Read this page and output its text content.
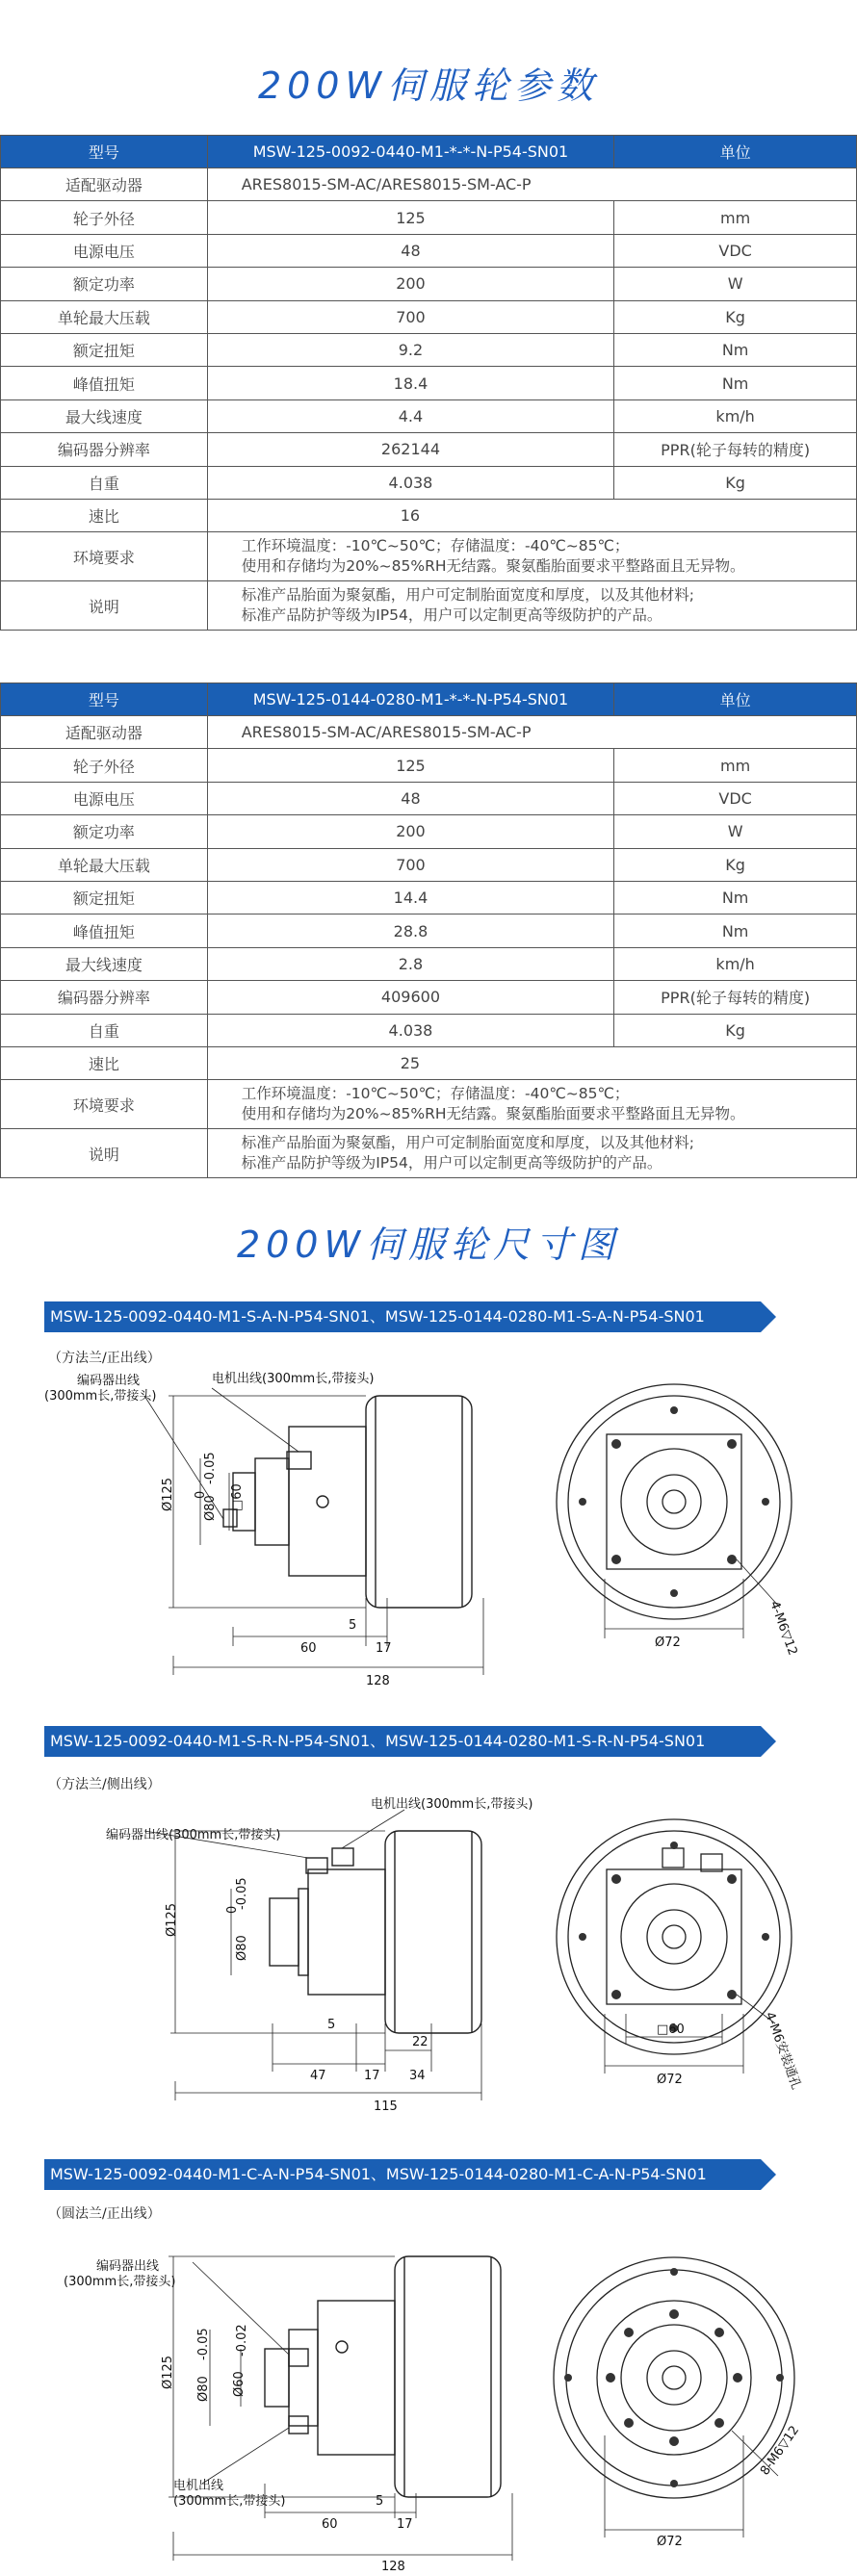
200W伺服轮参数
型号	MSW-125-0092-0440-M1-*-*-N-P54-SN01	单位
适配驱动器	ARES8015-SM-AC/ARES8015-SM-AC-P	
轮子外径	125	mm
电源电压	48	VDC
额定功率	200	W
单轮最大压载	700	Kg
额定扭矩	9.2	Nm
峰值扭矩	18.4	Nm
最大线速度	4.4	km/h
编码器分辨率	262144	PPR(轮子每转的精度)
自重	4.038	Kg
速比	16	
环境要求	工作环境温度：-10℃~50℃；存储温度：-40℃~85℃；
使用和存储均为20%~85%RH无结露。聚氨酯胎面要求平整路面且无异物。	

说明	标准产品胎面为聚氨酯，用户可定制胎面宽度和厚度，以及其他材料;
标准产品防护等级为IP54，用户可以定制更高等级防护的产品。	
型号	MSW-125-0144-0280-M1-*-*-N-P54-SN01	单位
适配驱动器	ARES8015-SM-AC/ARES8015-SM-AC-P	
轮子外径	125	mm
电源电压	48	VDC
额定功率	200	W
单轮最大压载	700	Kg
额定扭矩	14.4	Nm
峰值扭矩	28.8	Nm
最大线速度	2.8	km/h
编码器分辨率	409600	PPR(轮子每转的精度)
自重	4.038	Kg
速比	25	
环境要求	工作环境温度：-10℃~50℃；存储温度：-40℃~85℃；
使用和存储均为20%~85%RH无结露。聚氨酯胎面要求平整路面且无异物。	

说明	标准产品胎面为聚氨酯，用户可定制胎面宽度和厚度，以及其他材料;
标准产品防护等级为IP54，用户可以定制更高等级防护的产品。	
200W伺服轮尺寸图
MSW-125-0092-0440-M1-S-A-N-P54-SN01、MSW-125-0144-0280-M1-S-A-N-P54-SN01
（方法兰/正出线）
Ø125 Ø80
0
-0.05
□60
5
17
60
128
编码器出线
(300mm长,带接头)
电机出线(300mm长,带接头)
Ø72	4-M6▽12
MSW-125-0092-0440-M1-S-R-N-P54-SN01、MSW-125-0144-0280-M1-S-R-N-P54-SN01
（方法兰/侧出线）
Ø125
Ø80
0
-0.05
5
22
47	17 34
115
编码器出线(300mm长,带接头)
电机出线(300mm长,带接头)
□60
Ø72	4-M6安装通孔
MSW-125-0092-0440-M1-C-A-N-P54-SN01、MSW-125-0144-0280-M1-C-A-N-P54-SN01
（圆法兰/正出线）
Ø125 Ø80
-0.05
Ø60
-0.02
5
17
60
128
编码器出线
(300mm长,带接头)
电机出线
(300mm长,带接头)
Ø72
8-M6▽12
